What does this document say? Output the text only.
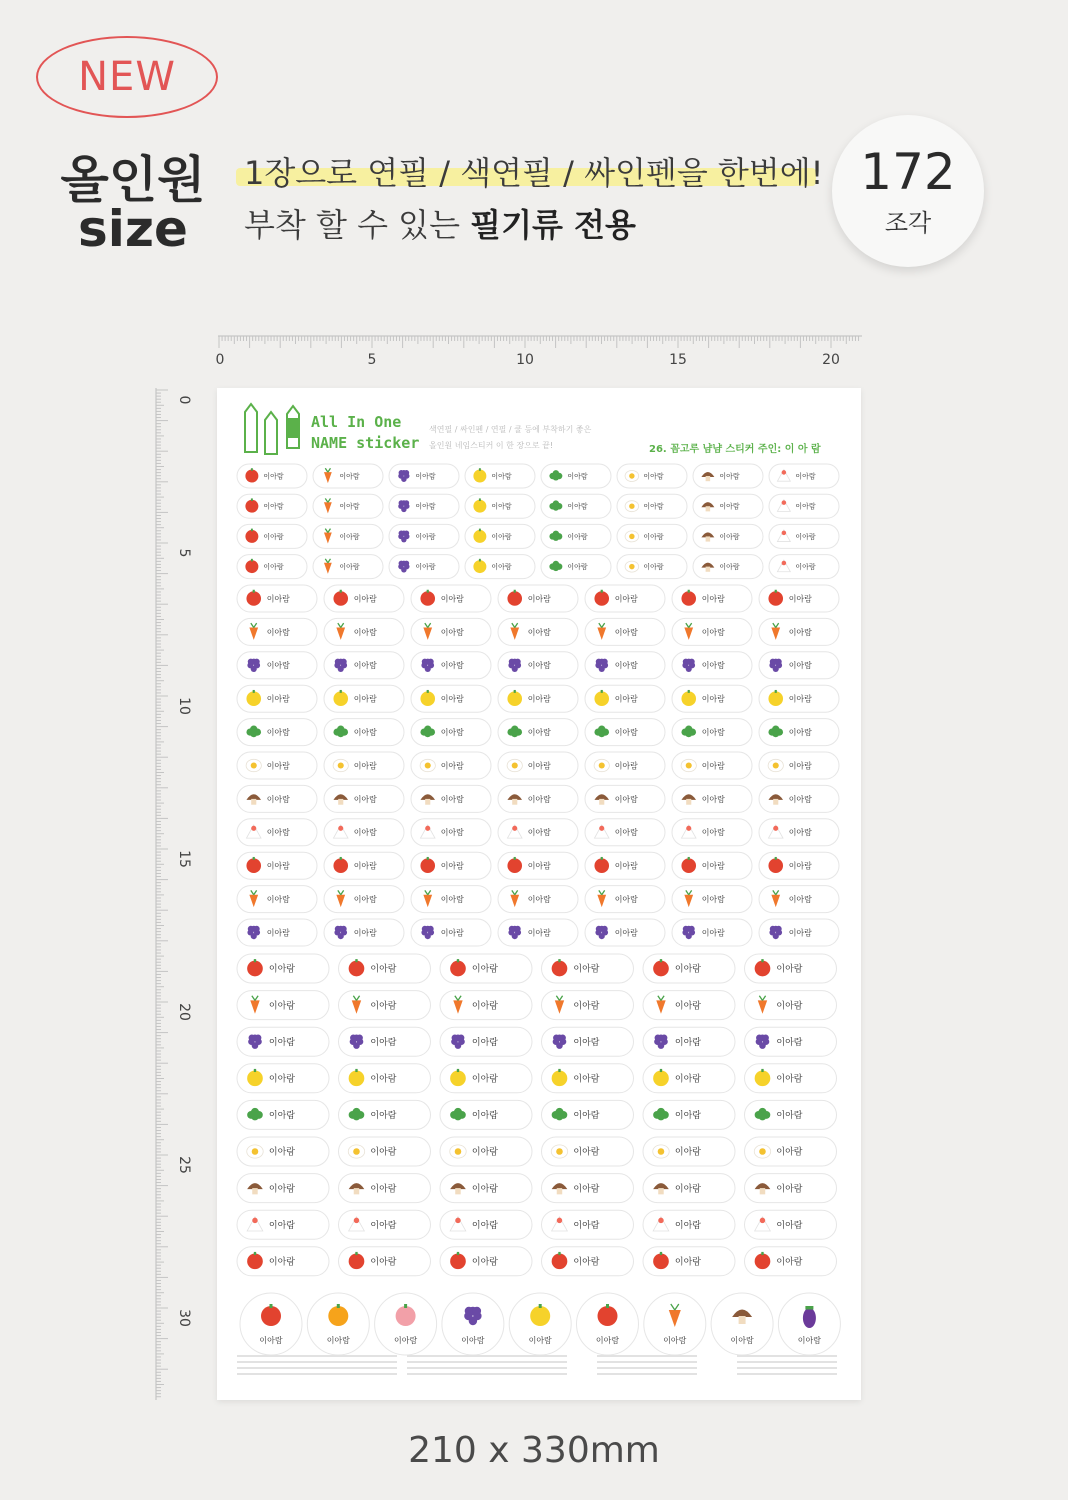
NEW
올인원
size
1장으로 연필 / 색연필 / 싸인펜을 한번에!
부착 할 수 있는 필기류 전용
172
조각
0	5	10	15	20
0
5
10
15
20
25
30
All In One
NAME sticker
색연필 / 싸인펜 / 연필 / 쿨 등에 부착하기 좋은
올인원 네임스티커 이 한 장으로 끝!	26. 꼼고루 냠냠 스티커 주인: 이 아 람
이아람	이아람	이아람	이아람	이아람	이아람	이아람	이아람
이아람	이아람	이아람	이아람	이아람	이아람	이아람	이아람
이아람	이아람	이아람	이아람	이아람	이아람	이아람	이아람
이아람	이아람	이아람	이아람	이아람	이아람	이아람	이아람
이아람	이아람	이아람	이아람	이아람	이아람	이아람
이아람	이아람	이아람	이아람	이아람	이아람	이아람
이아람	이아람	이아람	이아람	이아람	이아람	이아람
이아람	이아람	이아람	이아람	이아람	이아람	이아람
이아람	이아람	이아람	이아람	이아람	이아람	이아람
이아람	이아람	이아람	이아람	이아람	이아람	이아람
이아람	이아람	이아람	이아람	이아람	이아람	이아람
이아람	이아람	이아람	이아람	이아람	이아람	이아람
이아람	이아람	이아람	이아람	이아람	이아람	이아람
이아람	이아람	이아람	이아람	이아람	이아람	이아람
이아람	이아람	이아람	이아람	이아람	이아람	이아람
이아람	이아람	이아람	이아람	이아람	이아람
이아람	이아람	이아람	이아람	이아람	이아람
이아람	이아람	이아람	이아람	이아람	이아람
이아람	이아람	이아람	이아람	이아람	이아람
이아람	이아람	이아람	이아람	이아람	이아람
이아람	이아람	이아람	이아람	이아람	이아람
이아람	이아람	이아람	이아람	이아람	이아람
이아람	이아람	이아람	이아람	이아람	이아람
이아람	이아람	이아람	이아람	이아람	이아람
이아람	이아람	이아람	이아람	이아람	이아람	이아람	이아람	이아람
210 x 330mm
